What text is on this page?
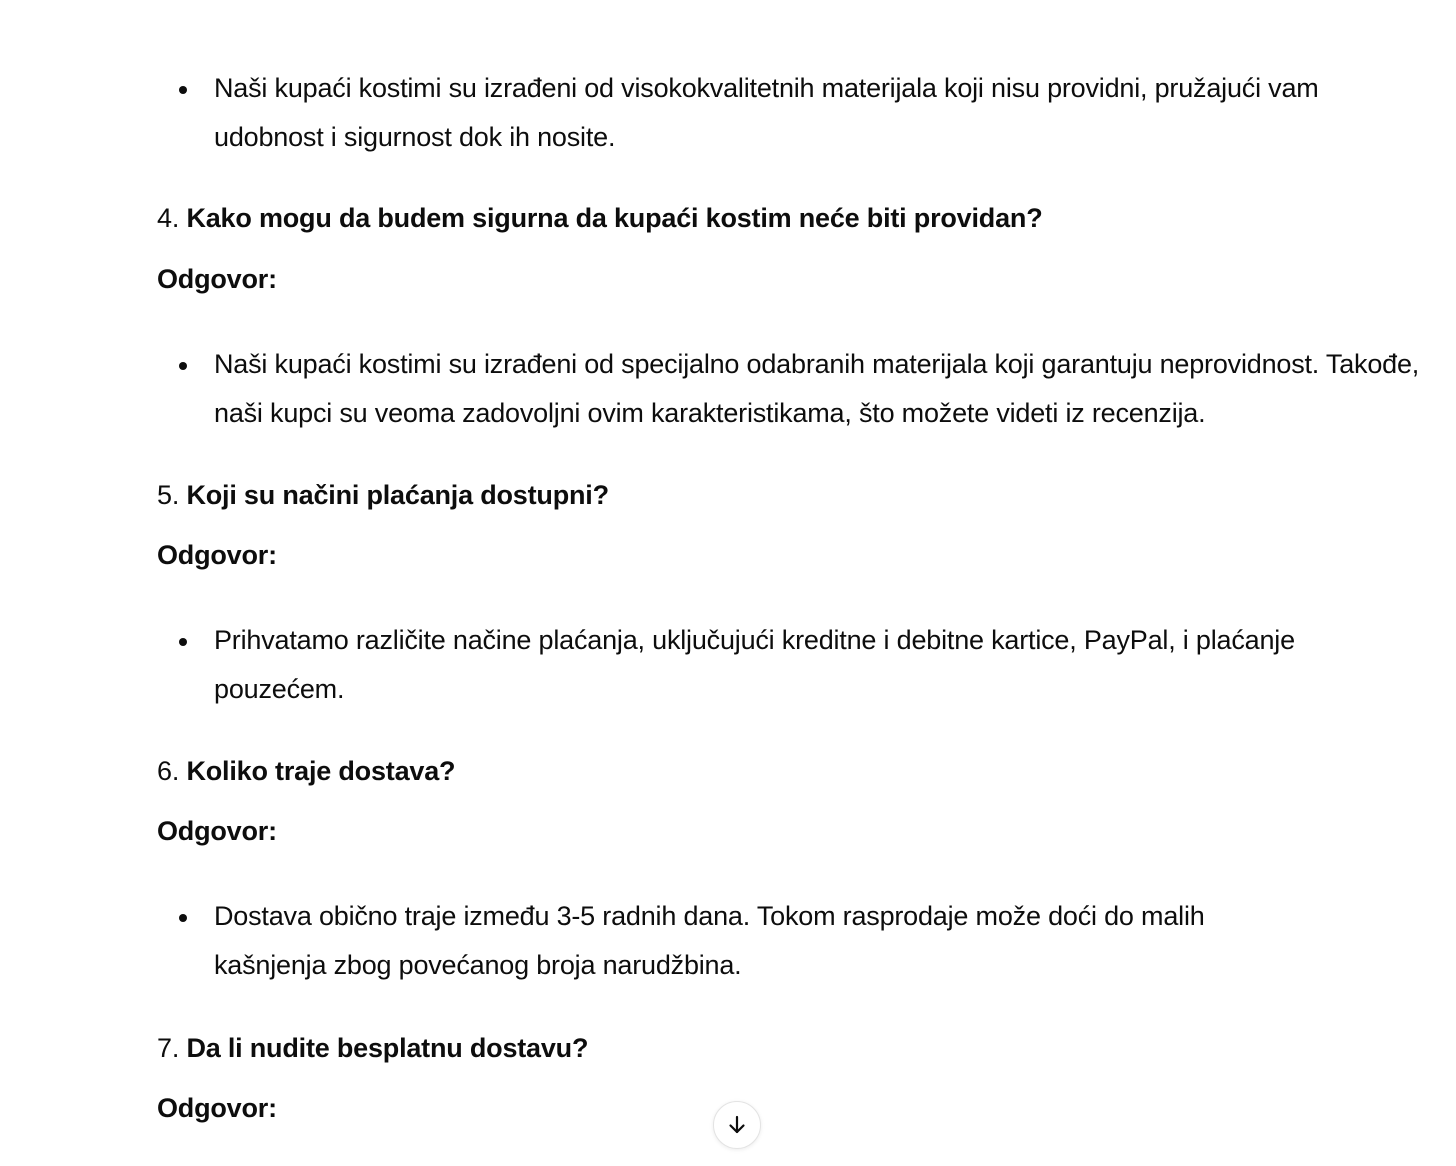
Naši kupaći kostimi su izrađeni od visokokvalitetnih materijala koji nisu providni, pružajući vam udobnost i sigurnost dok ih nosite.

4. Kako mogu da budem sigurna da kupaći kostim neće biti providan?

Odgovor:

Naši kupaći kostimi su izrađeni od specijalno odabranih materijala koji garantuju neprovidnost. Takođe, naši kupci su veoma zadovoljni ovim karakteristikama, što možete videti iz recenzija.

5. Koji su načini plaćanja dostupni?

Odgovor:

Prihvatamo različite načine plaćanja, uključujući kreditne i debitne kartice, PayPal, i plaćanje pouzećem.

6. Koliko traje dostava?

Odgovor:

Dostava obično traje između 3-5 radnih dana. Tokom rasprodaje može doći do malih kašnjenja zbog povećanog broja narudžbina.

7. Da li nudite besplatnu dostavu?

Odgovor:
